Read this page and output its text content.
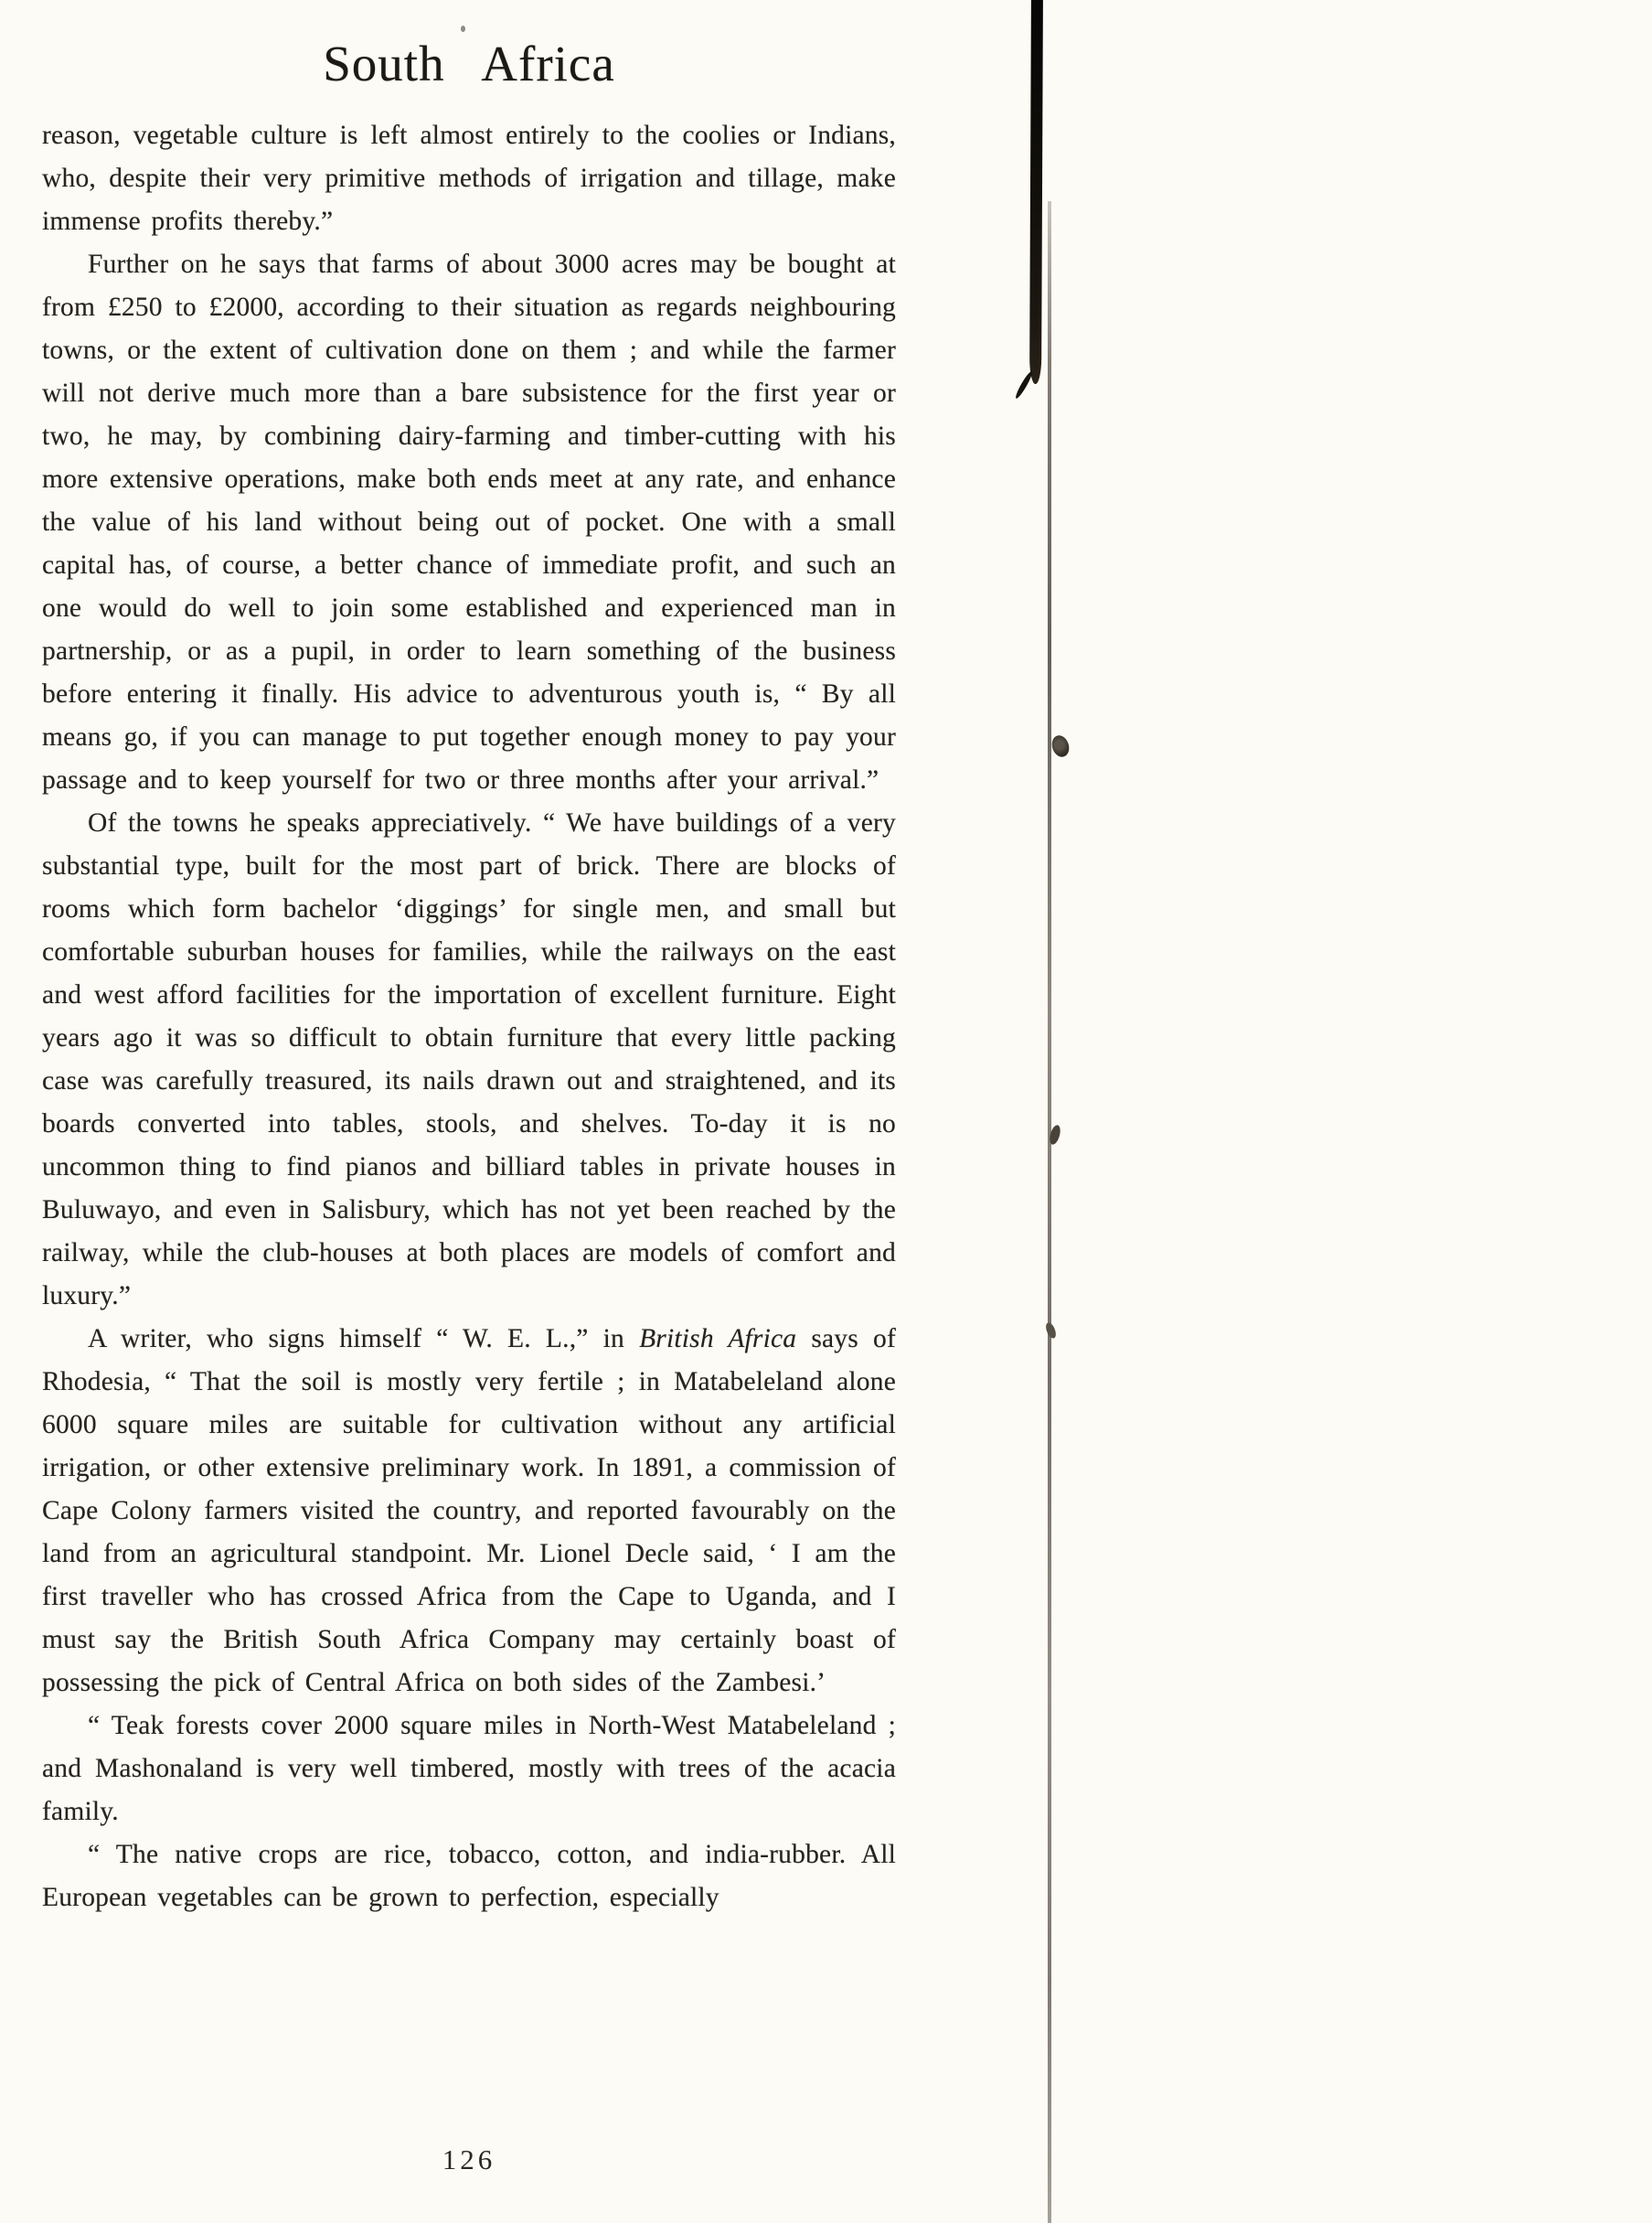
South Africa

reason, vegetable culture is left almost entirely to the coolies or Indians, who, despite their very primitive methods of irrigation and tillage, make immense profits thereby.”

Further on he says that farms of about 3000 acres may be bought at from £250 to £2000, according to their situation as regards neighbouring towns, or the extent of cultivation done on them ; and while the farmer will not derive much more than a bare subsistence for the first year or two, he may, by combining dairy-farming and timber-cutting with his more extensive operations, make both ends meet at any rate, and enhance the value of his land without being out of pocket. One with a small capital has, of course, a better chance of immediate profit, and such an one would do well to join some established and experienced man in partnership, or as a pupil, in order to learn something of the business before entering it finally. His advice to adventurous youth is, “ By all means go, if you can manage to put together enough money to pay your passage and to keep yourself for two or three months after your arrival.”

Of the towns he speaks appreciatively. “ We have buildings of a very substantial type, built for the most part of brick. There are blocks of rooms which form bachelor ‘diggings’ for single men, and small but comfortable suburban houses for families, while the railways on the east and west afford facilities for the importation of excellent furniture. Eight years ago it was so difficult to obtain furniture that every little packing case was carefully treasured, its nails drawn out and straightened, and its boards converted into tables, stools, and shelves. To-day it is no uncommon thing to find pianos and billiard tables in private houses in Buluwayo, and even in Salisbury, which has not yet been reached by the railway, while the club-houses at both places are models of comfort and luxury.”

A writer, who signs himself “ W. E. L.,” in British Africa says of Rhodesia, “ That the soil is mostly very fertile ; in Matabeleland alone 6000 square miles are suitable for cultivation without any artificial irrigation, or other extensive preliminary work. In 1891, a commission of Cape Colony farmers visited the country, and reported favourably on the land from an agricultural standpoint. Mr. Lionel Decle said, ‘ I am the first traveller who has crossed Africa from the Cape to Uganda, and I must say the British South Africa Company may certainly boast of possessing the pick of Central Africa on both sides of the Zambesi.’

“ Teak forests cover 2000 square miles in North-West Matabeleland ; and Mashonaland is very well timbered, mostly with trees of the acacia family.

“ The native crops are rice, tobacco, cotton, and india-rubber. All European vegetables can be grown to perfection, especially

126
